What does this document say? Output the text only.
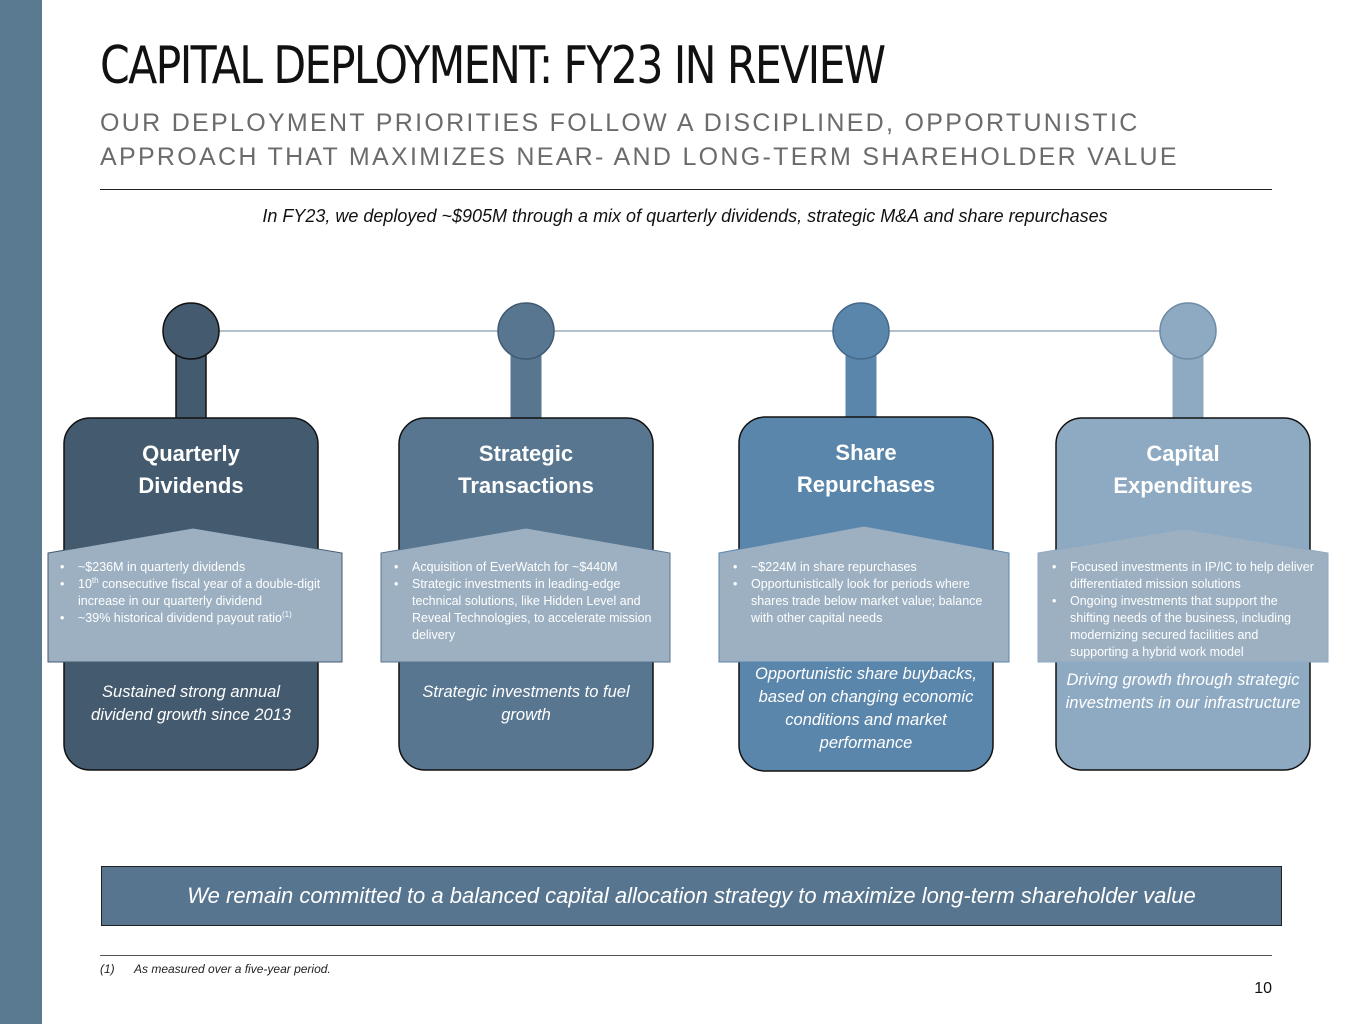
CAPITAL DEPLOYMENT: FY23 IN REVIEW
OUR DEPLOYMENT PRIORITIES FOLLOW A DISCIPLINED, OPPORTUNISTIC APPROACH THAT MAXIMIZES NEAR- AND LONG-TERM SHAREHOLDER VALUE
In FY23, we deployed ~$905M through a mix of quarterly dividends, strategic M&A and share repurchases
Quarterly
Dividends
• ~$236M in quarterly dividends
• 10th consecutive fiscal year of a double-digit increase in our quarterly dividend
• ~39% historical dividend payout ratio$^{(1)}$
Sustained strong annual dividend growth since 2013
Strategic
Transactions
• Acquisition of EverWatch for ~$440M
• Strategic investments in leading-edge technical solutions, like Hidden Level and Reveal Technologies, to accelerate mission delivery
Strategic investments to fuel growth
Share
Repurchases
• ~$224M in share repurchases
• Opportunistically look for periods where shares trade below market value; balance with other capital needs
Opportunistic share buybacks, based on changing economic conditions and market performance
Capital
Expenditures
• Focused investments in IP/IC to help deliver differentiated mission solutions
• Ongoing investments that support the shifting needs of the business, including modernizing secured facilities and supporting a hybrid work model
Driving growth through strategic investments in our infrastructure
We remain committed to a balanced capital allocation strategy to maximize long-term shareholder value
(1) As measured over a five-year period.
10
